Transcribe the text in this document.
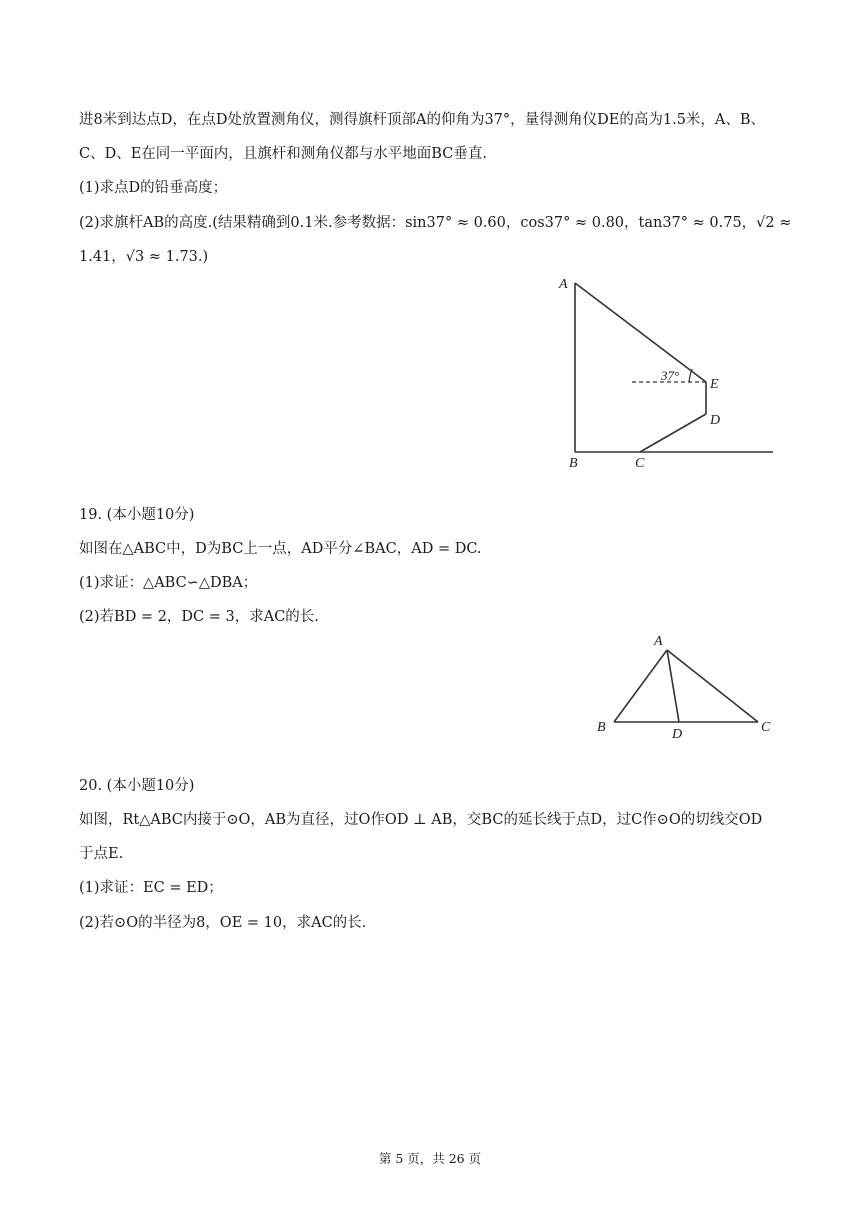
进8米到达点D，在点D处放置测角仪，测得旗杆顶部A的仰角为37°，量得测角仪DE的高为1.5米，A、B、
C、D、E在同一平面内，且旗杆和测角仪都与水平地面BC垂直.
(1)求点D的铅垂高度；
(2)求旗杆AB的高度.(结果精确到0.1米.参考数据：sin37° ≈ 0.60，cos37° ≈ 0.80，tan37° ≈ 0.75，√2 ≈
1.41，√3 ≈ 1.73.)
A
B	C
D
E
37°
19. (本小题10分)
如图在△ABC中，D为BC上一点，AD平分∠BAC，AD = DC.
(1)求证：△ABC∽△DBA；
(2)若BD = 2，DC = 3，求AC的长.
A
B	D	C
20. (本小题10分)
如图，Rt△ABC内接于⊙O，AB为直径，过O作OD ⊥ AB，交BC的延长线于点D，过C作⊙O的切线交OD
于点E.
(1)求证：EC = ED；
(2)若⊙O的半径为8，OE = 10，求AC的长.
第 5 页，共 26 页
